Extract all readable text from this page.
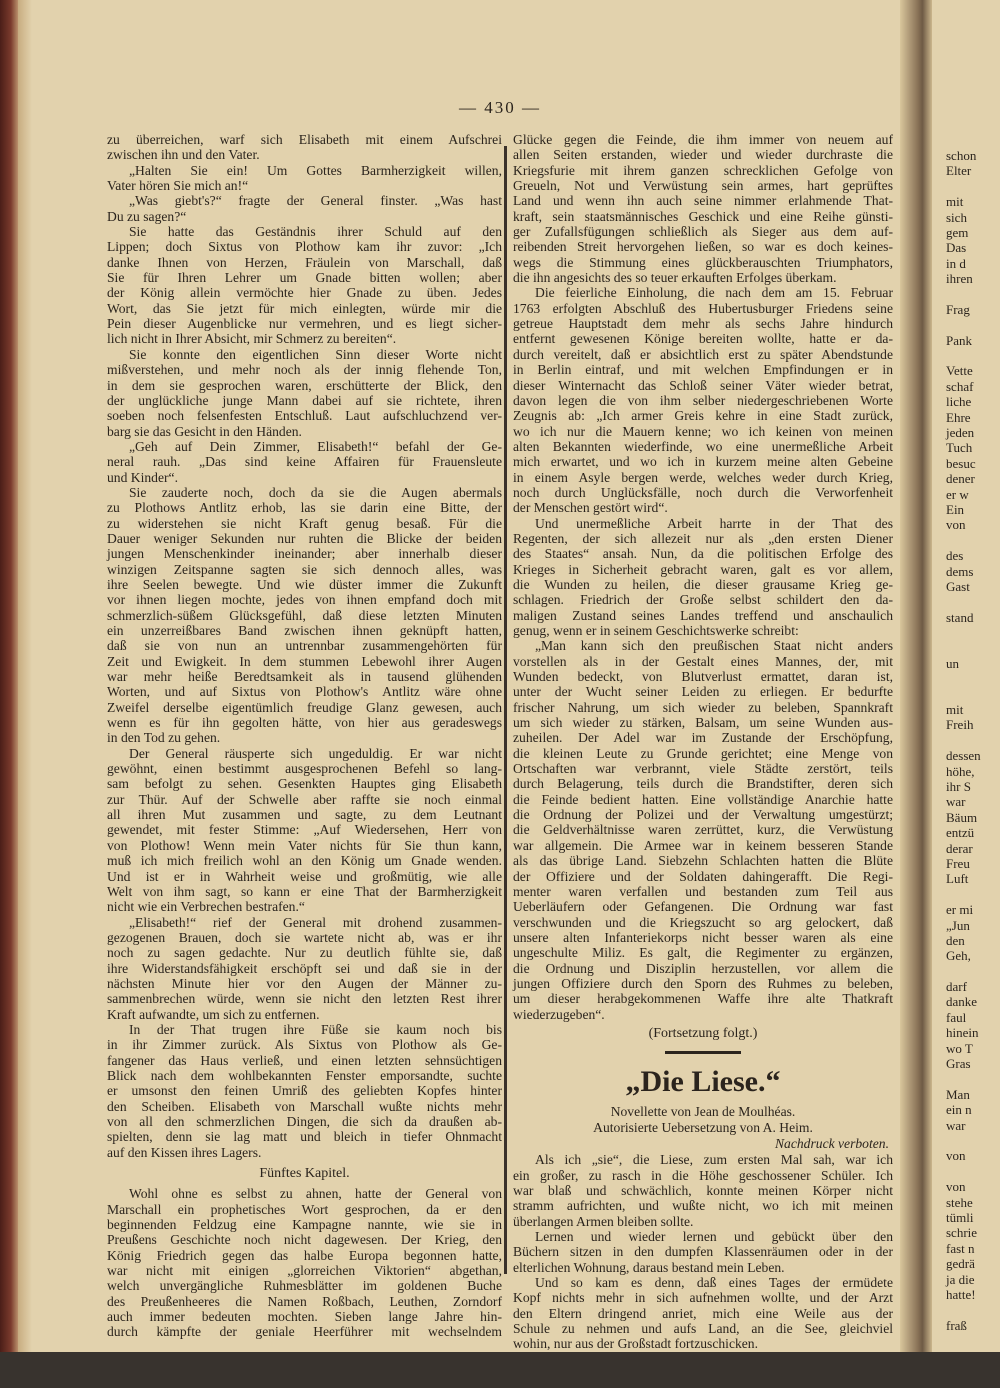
— 430 —
zu überreichen, warf sich Elisabeth mit einem Aufschrei
zwischen ihn und den Vater.
„Halten Sie ein! Um Gottes Barmherzigkeit willen,
Vater hören Sie mich an!“
„Was giebt's?“ fragte der General finster. „Was hast
Du zu sagen?“
Sie hatte das Geständnis ihrer Schuld auf den
Lippen; doch Sixtus von Plothow kam ihr zuvor: „Ich
danke Ihnen von Herzen, Fräulein von Marschall, daß
Sie für Ihren Lehrer um Gnade bitten wollen; aber
der König allein vermöchte hier Gnade zu üben. Jedes
Wort, das Sie jetzt für mich einlegten, würde mir die
Pein dieser Augenblicke nur vermehren, und es liegt sicher-
lich nicht in Ihrer Absicht, mir Schmerz zu bereiten“.
Sie konnte den eigentlichen Sinn dieser Worte nicht
mißverstehen, und mehr noch als der innig flehende Ton,
in dem sie gesprochen waren, erschütterte der Blick, den
der unglückliche junge Mann dabei auf sie richtete, ihren
soeben noch felsenfesten Entschluß. Laut aufschluchzend ver-
barg sie das Gesicht in den Händen.
„Geh auf Dein Zimmer, Elisabeth!“ befahl der Ge-
neral rauh. „Das sind keine Affairen für Frauensleute
und Kinder“.
Sie zauderte noch, doch da sie die Augen abermals
zu Plothows Antlitz erhob, las sie darin eine Bitte, der
zu widerstehen sie nicht Kraft genug besaß. Für die
Dauer weniger Sekunden nur ruhten die Blicke der beiden
jungen Menschenkinder ineinander; aber innerhalb dieser
winzigen Zeitspanne sagten sie sich dennoch alles, was
ihre Seelen bewegte. Und wie düster immer die Zukunft
vor ihnen liegen mochte, jedes von ihnen empfand doch mit
schmerzlich-süßem Glücksgefühl, daß diese letzten Minuten
ein unzerreißbares Band zwischen ihnen geknüpft hatten,
daß sie von nun an untrennbar zusammengehörten für
Zeit und Ewigkeit. In dem stummen Lebewohl ihrer Augen
war mehr heiße Beredtsamkeit als in tausend glühenden
Worten, und auf Sixtus von Plothow's Antlitz wäre ohne
Zweifel derselbe eigentümlich freudige Glanz gewesen, auch
wenn es für ihn gegolten hätte, von hier aus geradeswegs
in den Tod zu gehen.
Der General räusperte sich ungeduldig. Er war nicht
gewöhnt, einen bestimmt ausgesprochenen Befehl so lang-
sam befolgt zu sehen. Gesenkten Hauptes ging Elisabeth
zur Thür. Auf der Schwelle aber raffte sie noch einmal
all ihren Mut zusammen und sagte, zu dem Leutnant
gewendet, mit fester Stimme: „Auf Wiedersehen, Herr von
von Plothow! Wenn mein Vater nichts für Sie thun kann,
muß ich mich freilich wohl an den König um Gnade wenden.
Und ist er in Wahrheit weise und großmütig, wie alle
Welt von ihm sagt, so kann er eine That der Barmherzigkeit
nicht wie ein Verbrechen bestrafen.“
„Elisabeth!“ rief der General mit drohend zusammen-
gezogenen Brauen, doch sie wartete nicht ab, was er ihr
noch zu sagen gedachte. Nur zu deutlich fühlte sie, daß
ihre Widerstandsfähigkeit erschöpft sei und daß sie in der
nächsten Minute hier vor den Augen der Männer zu-
sammenbrechen würde, wenn sie nicht den letzten Rest ihrer
Kraft aufwandte, um sich zu entfernen.
In der That trugen ihre Füße sie kaum noch bis
in ihr Zimmer zurück. Als Sixtus von Plothow als Ge-
fangener das Haus verließ, und einen letzten sehnsüchtigen
Blick nach dem wohlbekannten Fenster emporsandte, suchte
er umsonst den feinen Umriß des geliebten Kopfes hinter
den Scheiben. Elisabeth von Marschall wußte nichts mehr
von all den schmerzlichen Dingen, die sich da draußen ab-
spielten, denn sie lag matt und bleich in tiefer Ohnmacht
auf den Kissen ihres Lagers.
Fünftes Kapitel.
Wohl ohne es selbst zu ahnen, hatte der General von
Marschall ein prophetisches Wort gesprochen, da er den
beginnenden Feldzug eine Kampagne nannte, wie sie in
Preußens Geschichte noch nicht dagewesen. Der Krieg, den
König Friedrich gegen das halbe Europa begonnen hatte,
war nicht mit einigen „glorreichen Viktorien“ abgethan,
welch unvergängliche Ruhmesblätter im goldenen Buche
des Preußenheeres die Namen Roßbach, Leuthen, Zorndorf
auch immer bedeuten mochten. Sieben lange Jahre hin-
durch kämpfte der geniale Heerführer mit wechselndem
Glücke gegen die Feinde, die ihm immer von neuem auf
allen Seiten erstanden, wieder und wieder durchraste die
Kriegsfurie mit ihrem ganzen schrecklichen Gefolge von
Greueln, Not und Verwüstung sein armes, hart geprüftes
Land und wenn ihn auch seine nimmer erlahmende That-
kraft, sein staatsmännisches Geschick und eine Reihe günsti-
ger Zufallsfügungen schließlich als Sieger aus dem auf-
reibenden Streit hervorgehen ließen, so war es doch keines-
wegs die Stimmung eines glückberauschten Triumphators,
die ihn angesichts des so teuer erkauften Erfolges überkam.
Die feierliche Einholung, die nach dem am 15. Februar
1763 erfolgten Abschluß des Hubertusburger Friedens seine
getreue Hauptstadt dem mehr als sechs Jahre hindurch
entfernt gewesenen Könige bereiten wollte, hatte er da-
durch vereitelt, daß er absichtlich erst zu später Abendstunde
in Berlin eintraf, und mit welchen Empfindungen er in
dieser Winternacht das Schloß seiner Väter wieder betrat,
davon legen die von ihm selber niedergeschriebenen Worte
Zeugnis ab: „Ich armer Greis kehre in eine Stadt zurück,
wo ich nur die Mauern kenne; wo ich keinen von meinen
alten Bekannten wiederfinde, wo eine unermeßliche Arbeit
mich erwartet, und wo ich in kurzem meine alten Gebeine
in einem Asyle bergen werde, welches weder durch Krieg,
noch durch Unglücksfälle, noch durch die Verworfenheit
der Menschen gestört wird“.
Und unermeßliche Arbeit harrte in der That des
Regenten, der sich allezeit nur als „den ersten Diener
des Staates“ ansah. Nun, da die politischen Erfolge des
Krieges in Sicherheit gebracht waren, galt es vor allem,
die Wunden zu heilen, die dieser grausame Krieg ge-
schlagen. Friedrich der Große selbst schildert den da-
maligen Zustand seines Landes treffend und anschaulich
genug, wenn er in seinem Geschichtswerke schreibt:
„Man kann sich den preußischen Staat nicht anders
vorstellen als in der Gestalt eines Mannes, der, mit
Wunden bedeckt, von Blutverlust ermattet, daran ist,
unter der Wucht seiner Leiden zu erliegen. Er bedurfte
frischer Nahrung, um sich wieder zu beleben, Spannkraft
um sich wieder zu stärken, Balsam, um seine Wunden aus-
zuheilen. Der Adel war im Zustande der Erschöpfung,
die kleinen Leute zu Grunde gerichtet; eine Menge von
Ortschaften war verbrannt, viele Städte zerstört, teils
durch Belagerung, teils durch die Brandstifter, deren sich
die Feinde bedient hatten. Eine vollständige Anarchie hatte
die Ordnung der Polizei und der Verwaltung umgestürzt;
die Geldverhältnisse waren zerrüttet, kurz, die Verwüstung
war allgemein. Die Armee war in keinem besseren Stande
als das übrige Land. Siebzehn Schlachten hatten die Blüte
der Offiziere und der Soldaten dahingerafft. Die Regi-
menter waren verfallen und bestanden zum Teil aus
Ueberläufern oder Gefangenen. Die Ordnung war fast
verschwunden und die Kriegszucht so arg gelockert, daß
unsere alten Infanteriekorps nicht besser waren als eine
ungeschulte Miliz. Es galt, die Regimenter zu ergänzen,
die Ordnung und Disziplin herzustellen, vor allem die
jungen Offiziere durch den Sporn des Ruhmes zu beleben,
um dieser herabgekommenen Waffe ihre alte Thatkraft
wiederzugeben“.
(Fortsetzung folgt.)
„Die Liese.“
Novellette von Jean de Moulhéas.
Autorisierte Uebersetzung von A. Heim.
Nachdruck verboten.
Als ich „sie“, die Liese, zum ersten Mal sah, war ich
ein großer, zu rasch in die Höhe geschossener Schüler. Ich
war blaß und schwächlich, konnte meinen Körper nicht
stramm aufrichten, und wußte nicht, wo ich mit meinen
überlangen Armen bleiben sollte.
Lernen und wieder lernen und gebückt über den
Büchern sitzen in den dumpfen Klassenräumen oder in der
elterlichen Wohnung, daraus bestand mein Leben.
Und so kam es denn, daß eines Tages der ermüdete
Kopf nichts mehr in sich aufnehmen wollte, und der Arzt
den Eltern dringend anriet, mich eine Weile aus der
Schule zu nehmen und aufs Land, an die See, gleichviel
wohin, nur aus der Großstadt fortzuschicken.
schon
Elter
mit
sich
gem
Das
in d
ihren
Frag
Pank
Vette
schaf
liche
Ehre
jeden
Tuch
besuc
dener
er w
Ein
von
des
dems
Gast
stand
un
mit
Freih
dessen
höhe,
ihr S
war
Bäum
entzü
derar
Freu
Luft
er mi
„Jun
den
Geh,
darf
danke
faul
hinein
wo T
Gras
Man
ein n
war
von
von
stehe
tümli
schrie
fast n
gedrä
ja die
hatte!
fraß
